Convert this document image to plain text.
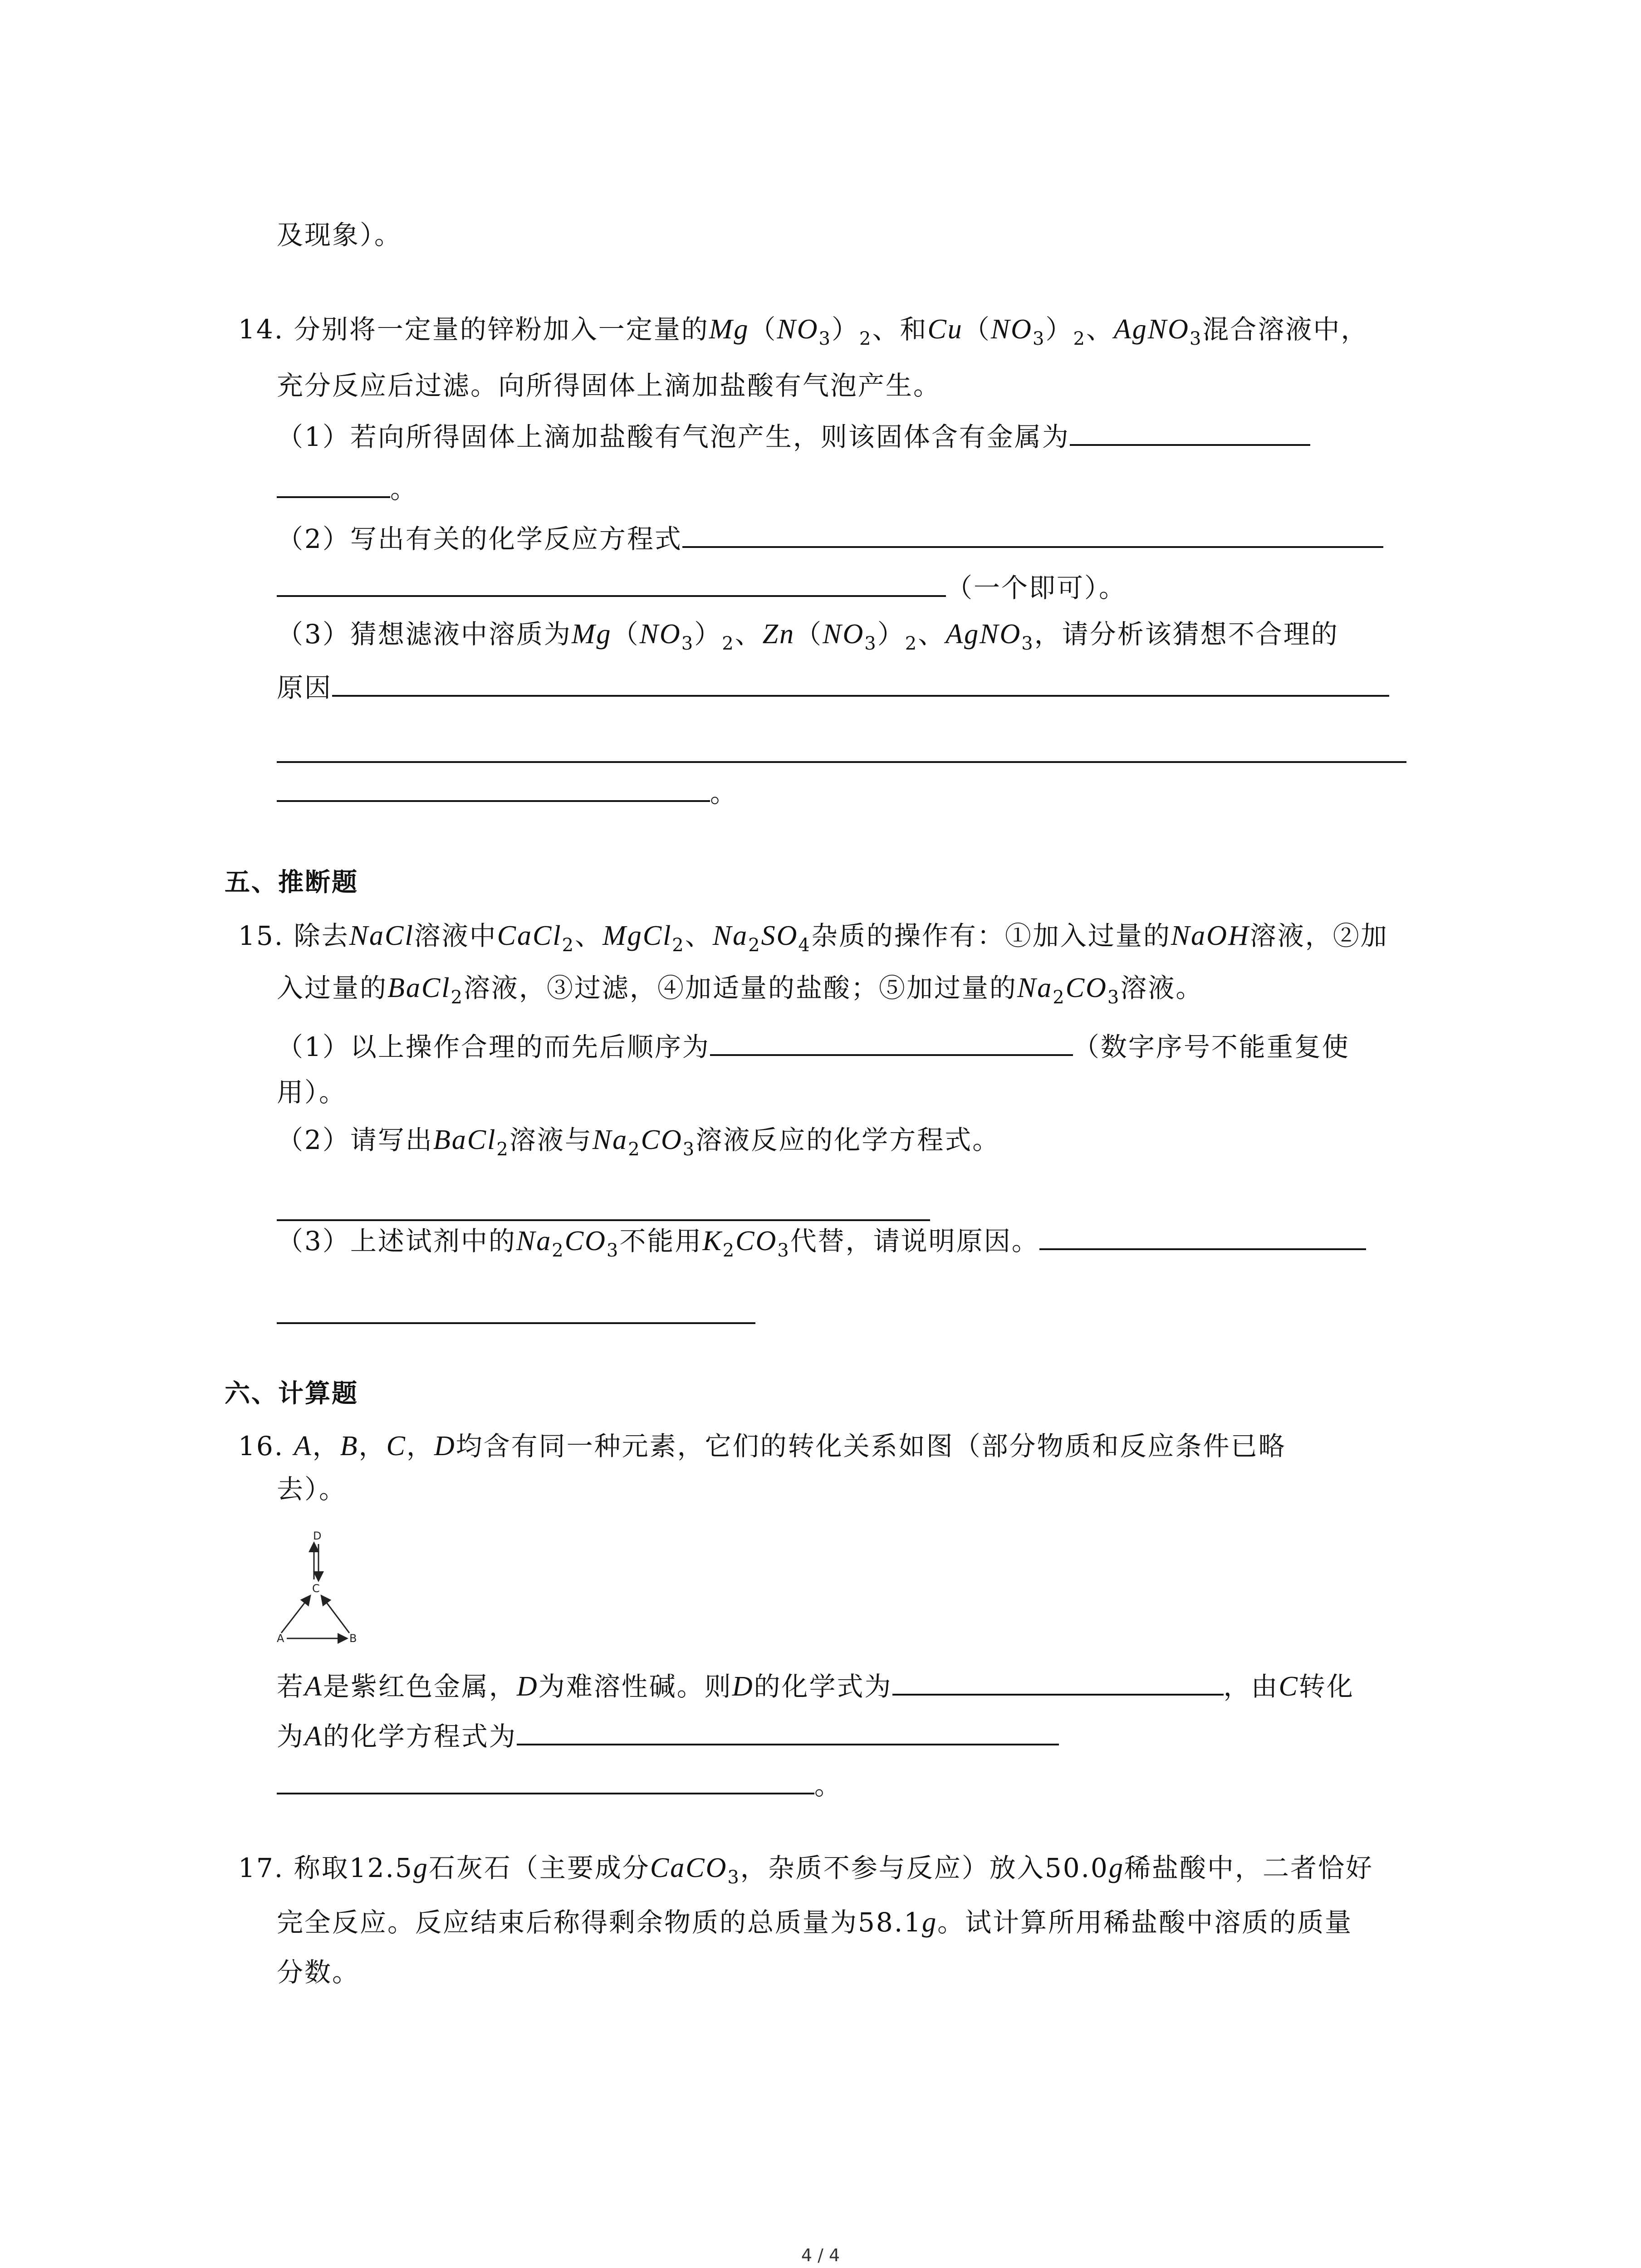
及现象）。
14. 分别将一定量的锌粉加入一定量的$Mg(NO_3)_2$、和$Cu(NO_3)_2$、AgNO$_3$混合溶液中，
充分反应后过滤。向所得固体上滴加盐酸有气泡产生。
（1）若向所得固体上滴加盐酸有气泡产生，则该固体含有金属为
。
（2）写出有关的化学反应方程式
（一个即可）。
（3）猜想滤液中溶质为$Mg(NO_3)_2$、$Zn(NO_3)_2$、AgNO$_3$，请分析该猜想不合理的
原因
。
五、推断题
15. 除去NaCl溶液中CaCl$_2$、MgCl$_2$、$Na_2SO_4$杂质的操作有：①加入过量的NaOH溶液，②加
入过量的BaCl$_2$溶液，③过滤，④加适量的盐酸；⑤加过量的$Na_2CO_3$溶液。
（1）以上操作合理的而先后顺序为	（数字序号不能重复使
用）。
（2）请写出BaCl$_2$溶液与$Na_2CO_3$溶液反应的化学方程式。
（3）上述试剂中的$Na_2CO_3$不能用$K_2CO_3$代替，请说明原因。
六、计算题
16. A，B，C，D均含有同一种元素，它们的转化关系如图（部分物质和反应条件已略
去）。
D
C
A	B
若A是紫红色金属，D为难溶性碱。则D的化学式为	，由C转化
为A的化学方程式为
。
17. 称取12.5g石灰石（主要成分CaCO$_3$，杂质不参与反应）放入50.0g稀盐酸中，二者恰好
完全反应。反应结束后称得剩余物质的总质量为58.1g。试计算所用稀盐酸中溶质的质量
分数。
4 / 4
